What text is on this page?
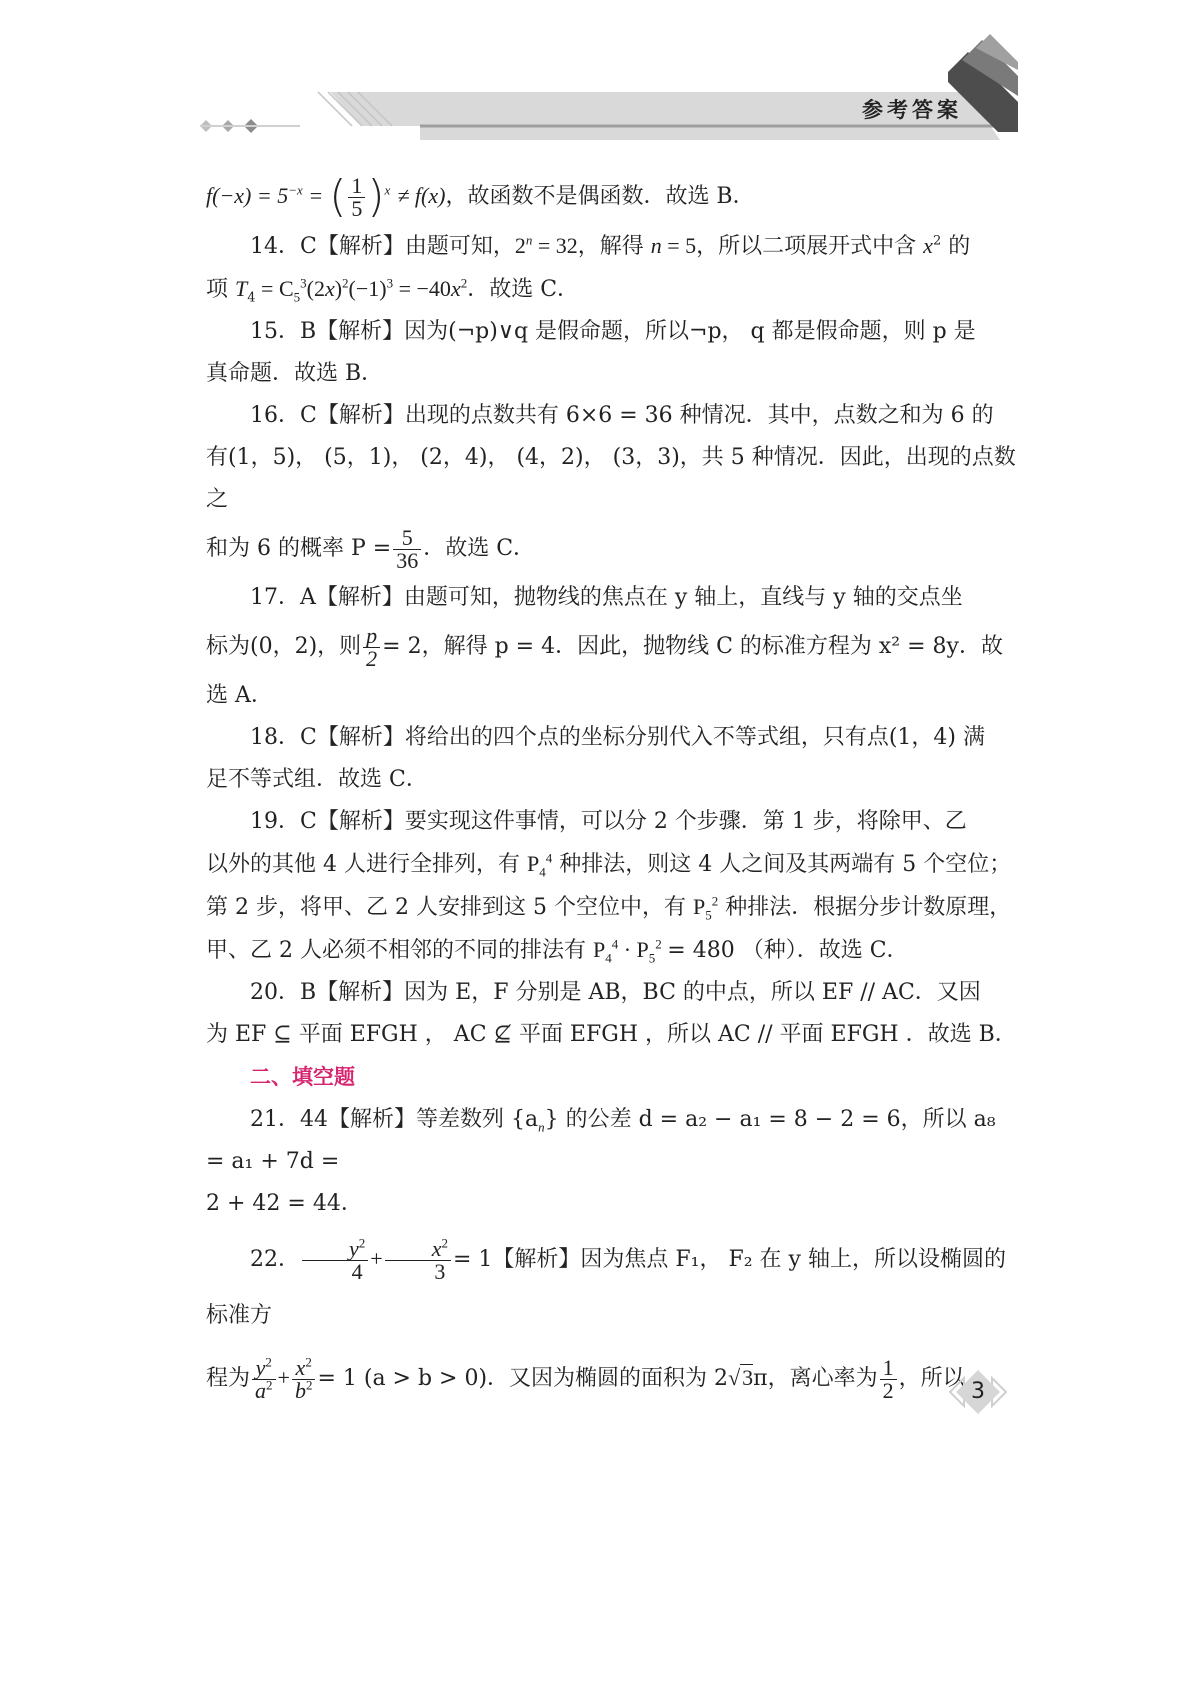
参考答案

$f(-x) = 5^{-x}$ = ( $\frac{1}{5} )^x \ne f(x)$，故函数不是偶函数．故选 B．

14．C【解析】由题可知，$2^n = 32$，解得 n = 5，所以二项展开式中含 $x^2$ 的

项 $T_4 = C_5^3(2x)^2(-1)^3 = -40x^2$．故选 C．

15．B【解析】因为(¬p)∨q 是假命题，所以¬p， q 都是假命题，则 p 是

真命题．故选 B．

16．C【解析】出现的点数共有 6×6 = 36 种情况．其中，点数之和为 6 的

有(1，5)， (5，1)， (2，4)， (4，2)， (3，3)，共 5 种情况．因此，出现的点数之

和为 6 的概率 $P = \frac{5}{36}$ ．故选 C．

17．A【解析】由题可知，抛物线的焦点在 y 轴上，直线与 y 轴的交点坐

标为(0，2)，则 $\frac{p}{2} = 2$，解得 p = 4．因此，抛物线 C 的标准方程为 x² = 8y．故

选 A．

18．C【解析】将给出的四个点的坐标分别代入不等式组，只有点(1，4) 满

足不等式组．故选 C．

19．C【解析】要实现这件事情，可以分 2 个步骤．第 1 步，将除甲、乙

以外的其他 4 人进行全排列，有 $P_4^4$ 种排法，则这 4 人之间及其两端有 5 个空位；

第 2 步，将甲、乙 2 人安排到这 5 个空位中，有 $P_5^2$ 种排法．根据分步计数原理，

甲、乙 2 人必须不相邻的不同的排法有 $P_4^4 \cdot P_5^2 = 480$ （种）．故选 C．

20．B【解析】因为 E，F 分别是 AB，BC 的中点，所以 EF // AC．又因

为 EF ⊆ 平面 EFGH ， AC ⊈ 平面 EFGH ，所以 AC // 平面 EFGH ．故选 B．

二、填空题

21．44【解析】等差数列 $\{a_n\}$ 的公差 d = a₂ − a₁ = 8 − 2 = 6，所以 a₈ = a₁ + 7d =

2 + 42 = 44．

22． $\frac{y^2}{4} + \frac{x^2}{3} = 1$【解析】因为焦点 F₁， F₂ 在 y 轴上，所以设椭圆的标准方

程为 $\frac{y^2}{a^2} + \frac{x^2}{b^2} = 1$ (a > b > 0)．又因为椭圆的面积为 2√3π，离心率为 $\frac{1}{2}$ ，所以

3
